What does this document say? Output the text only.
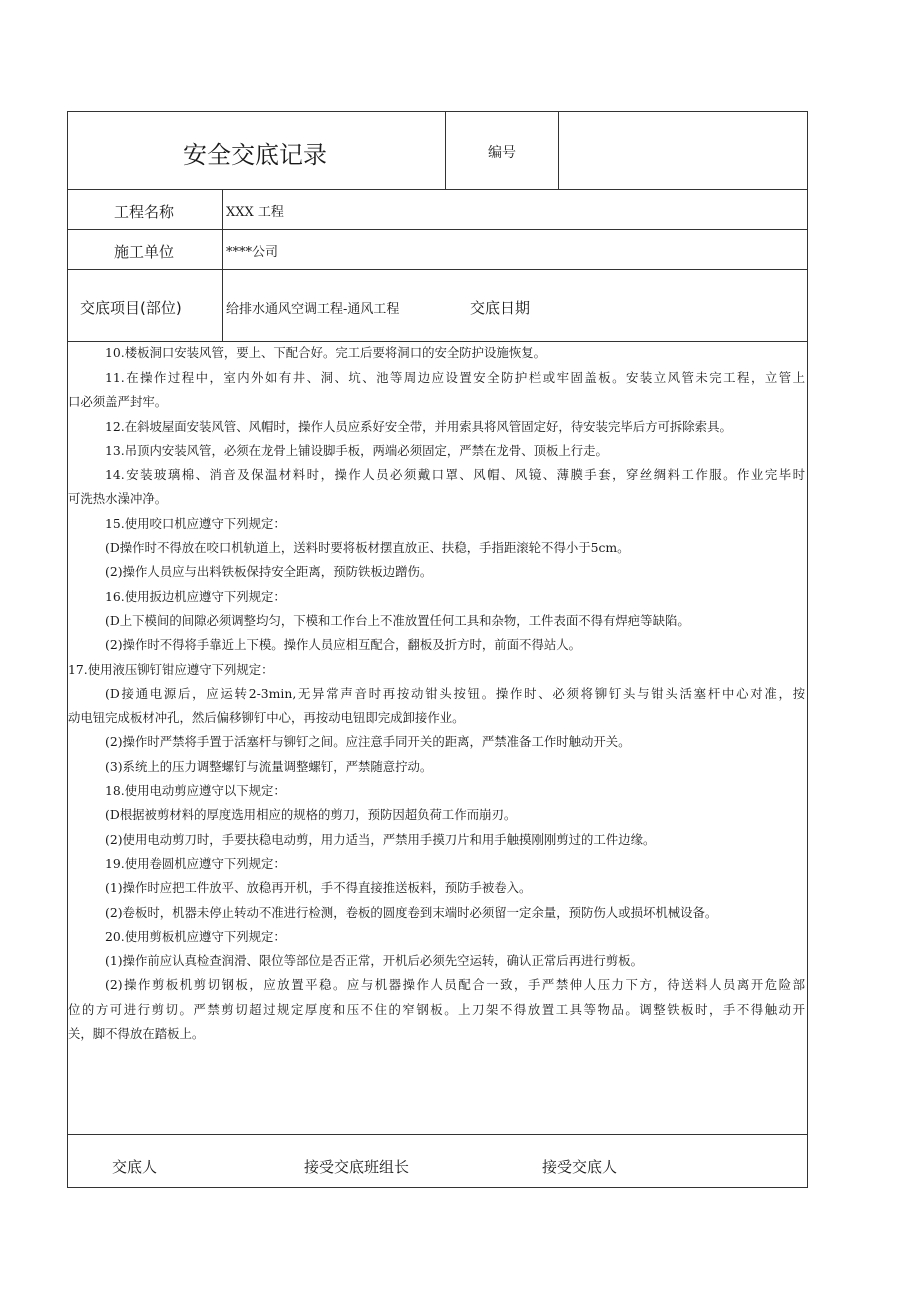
安全交底记录	编号
工程名称	XXX 工程
施工单位	****公司
交底项目(部位)	给排水通风空调工程-通风工程	交底日期
10.楼板洞口安装风管，要上、下配合好。完工后要将洞口的安全防护设施恢复。
11.在操作过程中，室内外如有井、洞、坑、池等周边应设置安全防护栏或牢固盖板。安装立风管未完工程，立管上
口必须盖严封牢。
12.在斜坡屋面安装风管、风帽时，操作人员应系好安全带，并用索具将风管固定好，待安装完毕后方可拆除索具。
13.吊顶内安装风管，必须在龙骨上铺设脚手板，两端必须固定，严禁在龙骨、顶板上行走。
14.安装玻璃棉、消音及保温材料时，操作人员必须戴口罩、风帽、风镜、薄膜手套，穿丝绸料工作服。作业完毕时
可洗热水澡冲净。
15.使用咬口机应遵守下列规定：
(D操作时不得放在咬口机轨道上，送料时要将板材摆直放正、扶稳，手指距滚轮不得小于5cm。
(2)操作人员应与出料铁板保持安全距离，预防铁板边蹭伤。
16.使用扳边机应遵守下列规定：
(D上下模间的间隙必须调整均匀，下模和工作台上不准放置任何工具和杂物，工件表面不得有焊疤等缺陷。
(2)操作时不得将手靠近上下模。操作人员应相互配合，翻板及折方时，前面不得站人。
17.使用液压铆钉钳应遵守下列规定：
(D接通电源后，应运转2-3min,无异常声音时再按动钳头按钮。操作时、必须将铆钉头与钳头活塞杆中心对准，按
动电钮完成板材冲孔，然后偏移铆钉中心，再按动电钮即完成卸接作业。
(2)操作时严禁将手置于活塞杆与铆钉之间。应注意手同开关的距离，严禁准备工作时触动开关。
(3)系统上的压力调整螺钉与流量调整螺钉，严禁随意拧动。
18.使用电动剪应遵守以下规定：
(D根据被剪材料的厚度选用相应的规格的剪刀，预防因超负荷工作而崩刃。
(2)使用电动剪刀时，手要扶稳电动剪，用力适当，严禁用手摸刀片和用手触摸刚刚剪过的工件边缘。
19.使用卷圆机应遵守下列规定：
(1)操作时应把工件放平、放稳再开机，手不得直接推送板料，预防手被卷入。
(2)卷板时，机器未停止转动不准进行检测，卷板的圆度卷到末端时必须留一定余量，预防伤人或损坏机械设备。
20.使用剪板机应遵守下列规定：
(1)操作前应认真检查润滑、限位等部位是否正常，开机后必须先空运转，确认正常后再进行剪板。
(2)操作剪板机剪切钢板，应放置平稳。应与机器操作人员配合一致，手严禁伸人压力下方，待送料人员离开危险部
位的方可进行剪切。严禁剪切超过规定厚度和压不住的窄钢板。上刀架不得放置工具等物品。调整铁板时，手不得触动开
关，脚不得放在踏板上。
交底人	接受交底班组长	接受交底人
